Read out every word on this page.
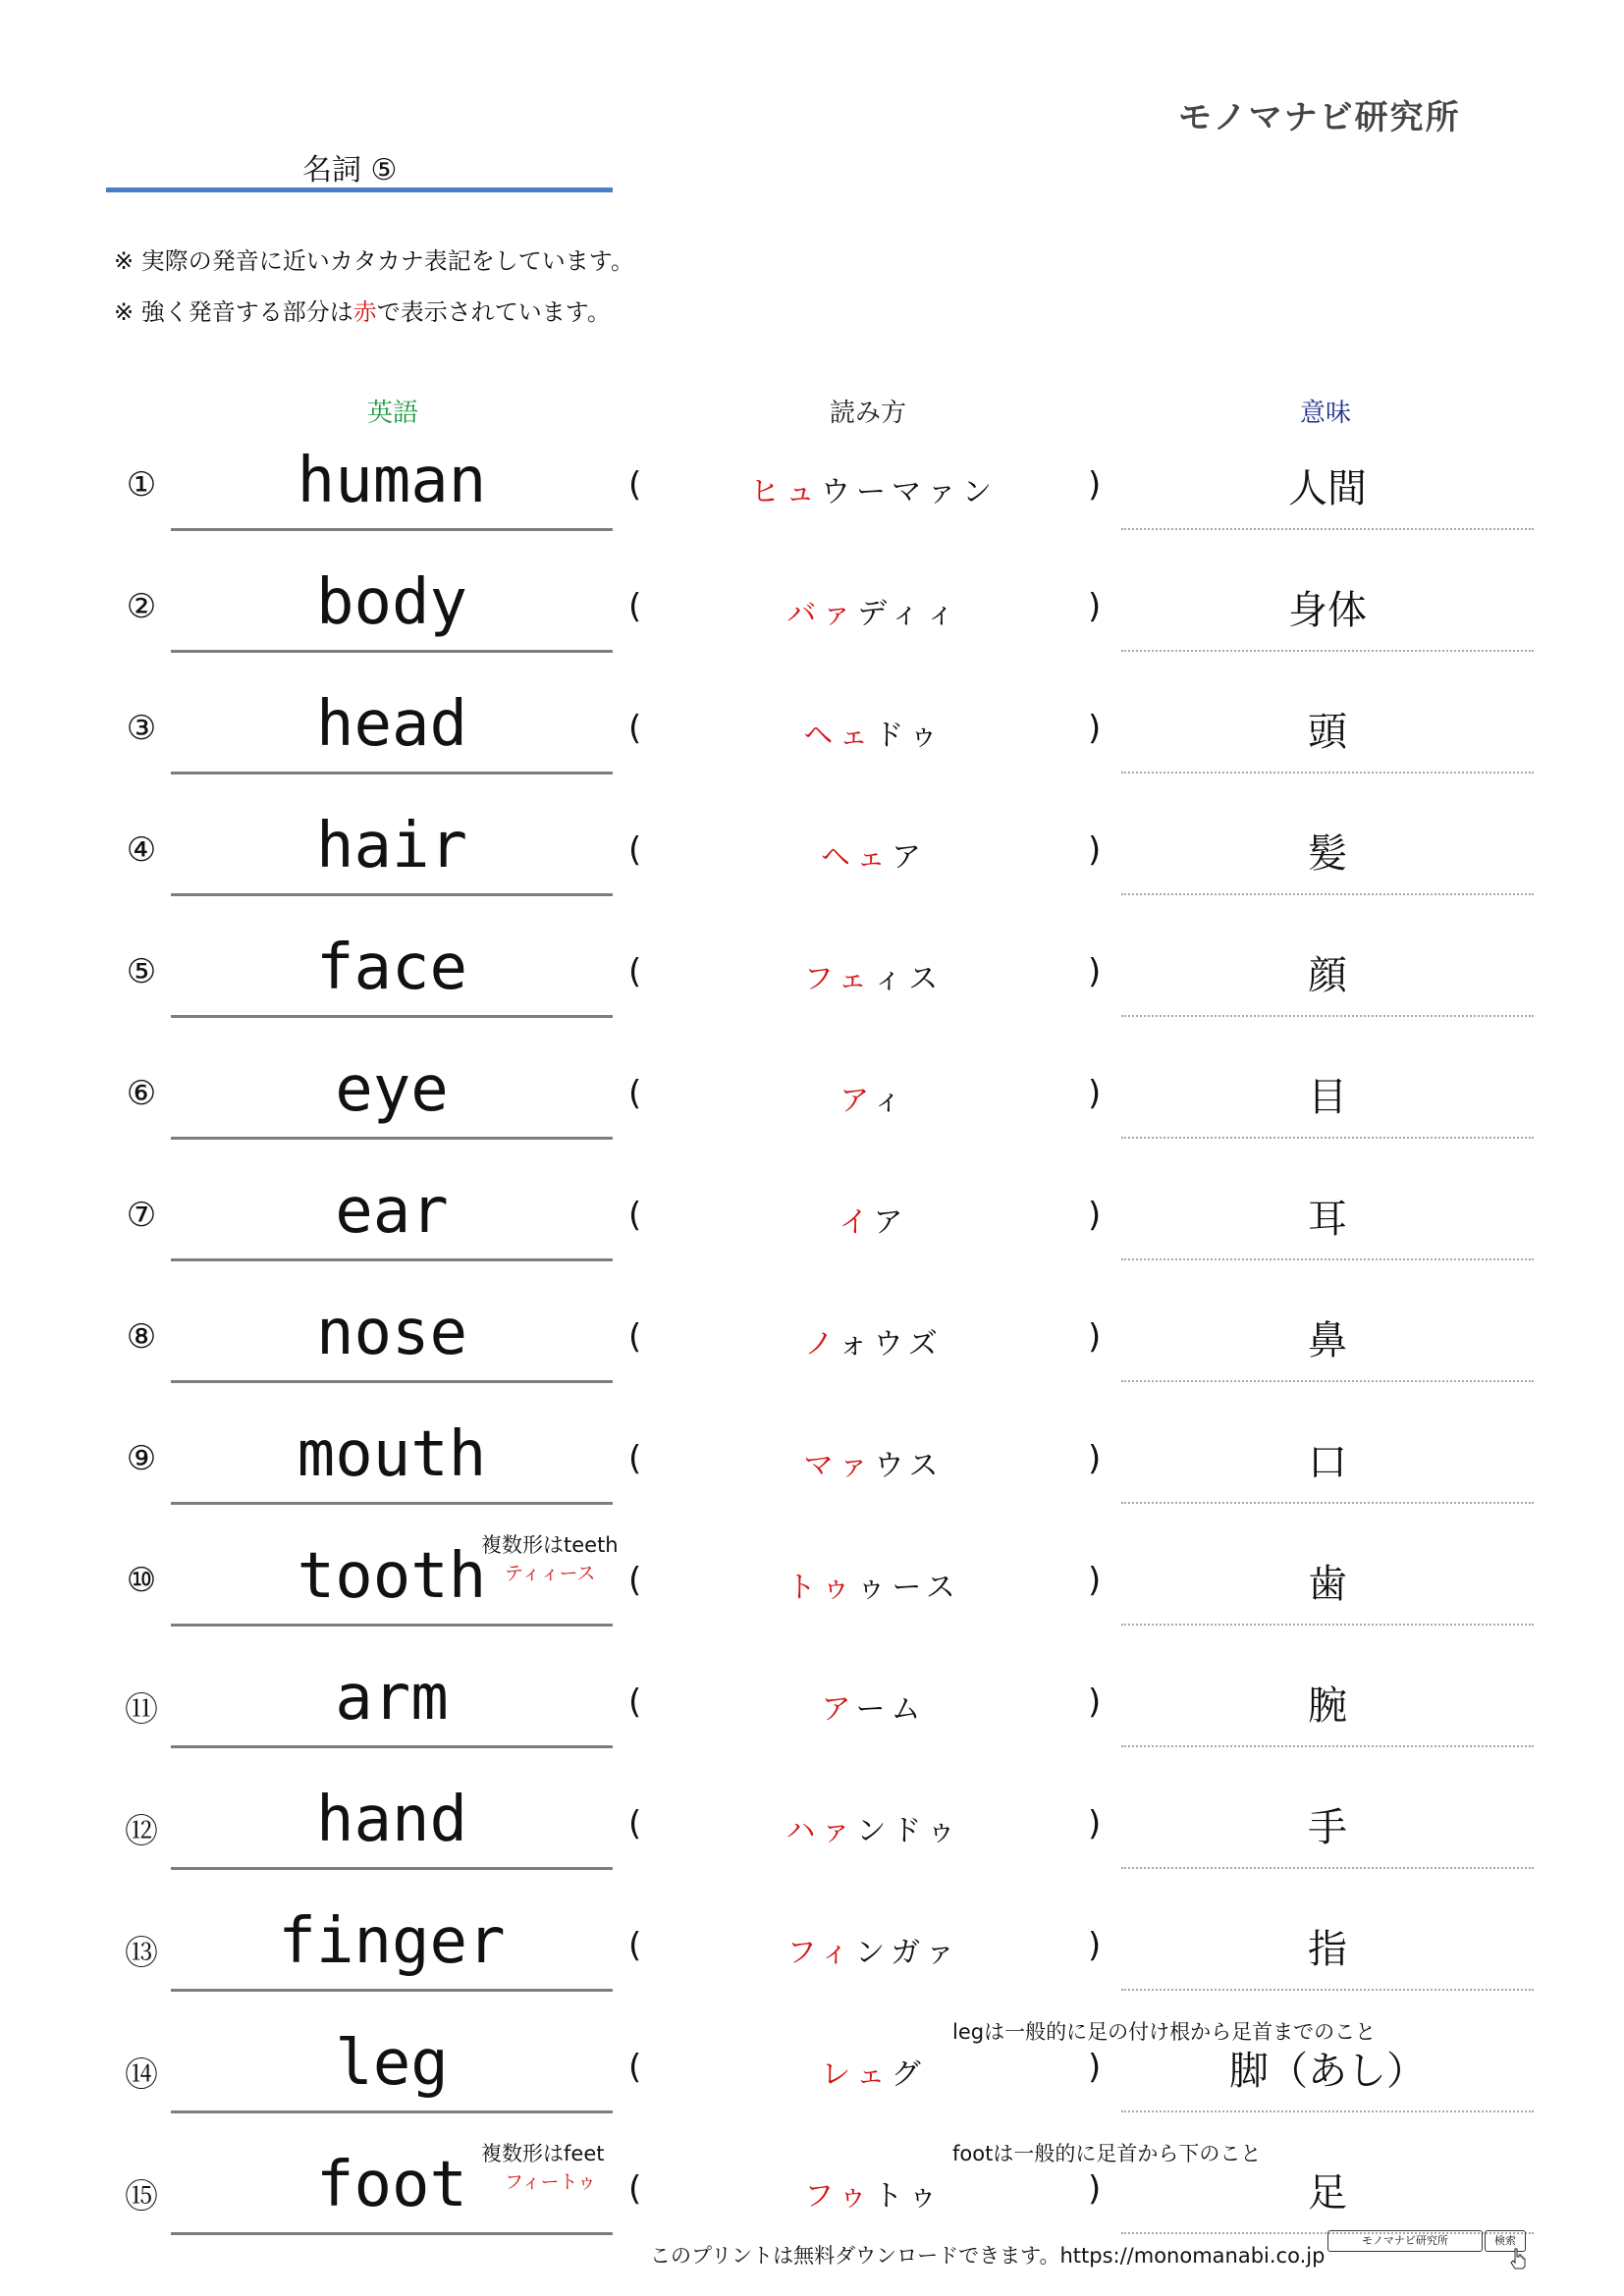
モノマナビ研究所
名詞 ⑤
※ 実際の発音に近いカタカナ表記をしています。
※ 強く発音する部分は赤で表示されています。
英語	読み方	意味
①	human	(	ヒュウーマァン	)	人間
②	body	(	バァディィ	)	身体
③	head	(	ヘェドゥ	)	頭
④	hair	(	ヘェア	)	髪
⑤	face	(	フェィス	)	顔
⑥	eye	(	アィ	)	目
⑦	ear	(	イア	)	耳
⑧	nose	(	ノォウズ	)	鼻
⑨	mouth	(	マァウス	)	口
⑩	tooth	(	トゥゥース	)	歯
複数形はteeth
ティィース
⑪	arm	(	アーム	)	腕
⑫	hand	(	ハァンドゥ	)	手
⑬	finger	(	フィンガァ	)	指
⑭	leg	(	レェグ	)	脚（あし）
legは一般的に足の付け根から足首までのこと
⑮	foot	(	フゥトゥ	)	足
複数形はfeet
フィートゥ
footは一般的に足首から下のこと
このプリントは無料ダウンロードできます。https://monomanabi.co.jp
モノマナビ研究所	検索
